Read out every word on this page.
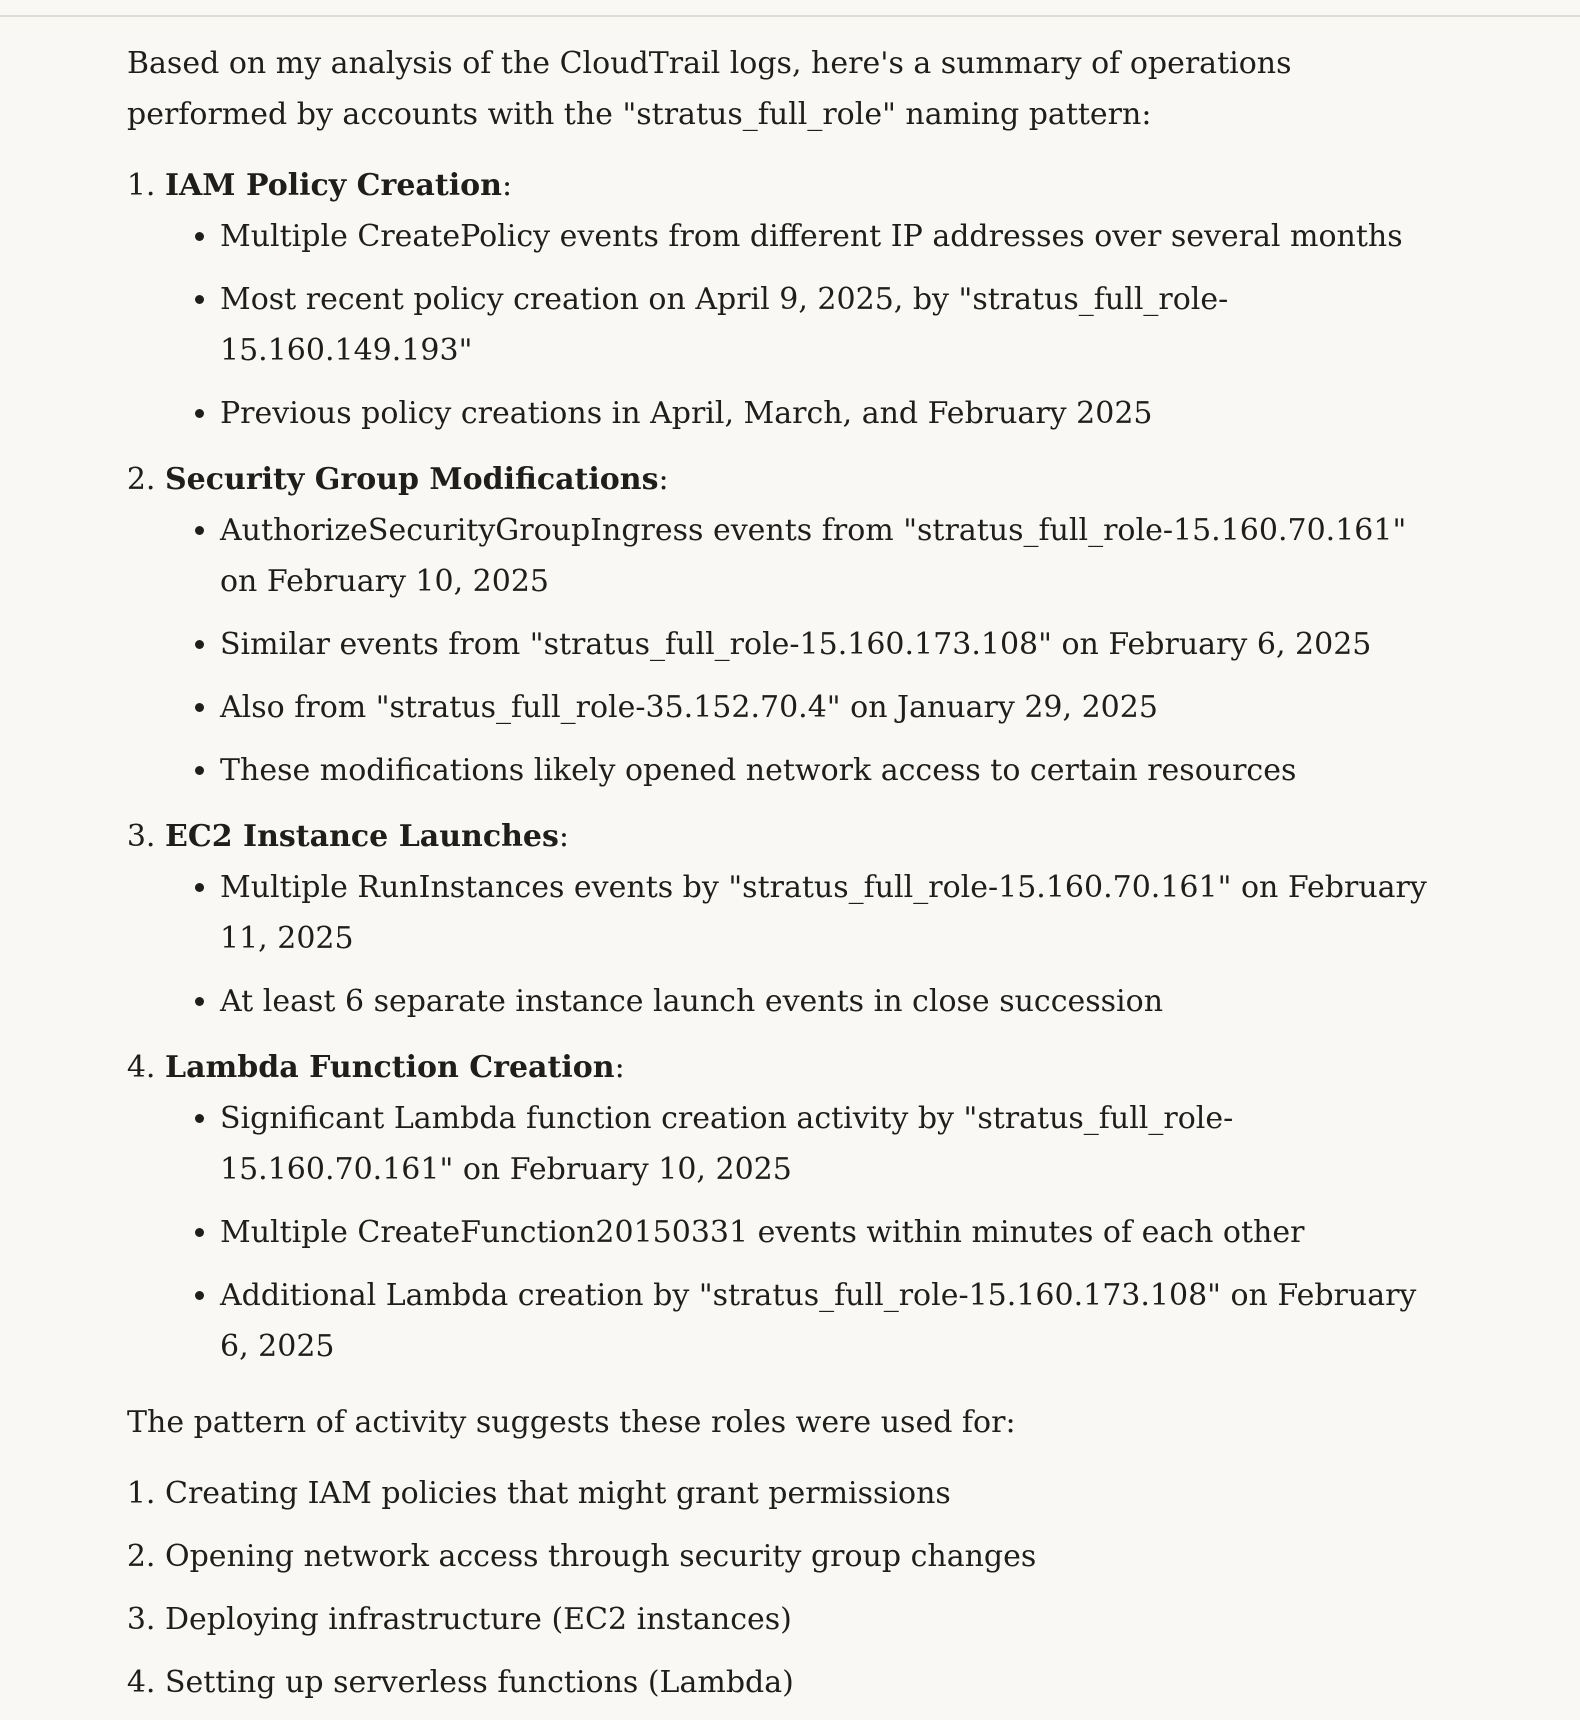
Based on my analysis of the CloudTrail logs, here's a summary of operations performed by accounts with the "stratus_full_role" naming pattern:

1. IAM Policy Creation:
• Multiple CreatePolicy events from different IP addresses over several months
• Most recent policy creation on April 9, 2025, by "stratus_full_role-15.160.149.193"
• Previous policy creations in April, March, and February 2025
2. Security Group Modifications:
• AuthorizeSecurityGroupIngress events from "stratus_full_role-15.160.70.161" on February 10, 2025
• Similar events from "stratus_full_role-15.160.173.108" on February 6, 2025
• Also from "stratus_full_role-35.152.70.4" on January 29, 2025
• These modifications likely opened network access to certain resources
3. EC2 Instance Launches:
• Multiple RunInstances events by "stratus_full_role-15.160.70.161" on February 11, 2025
• At least 6 separate instance launch events in close succession
4. Lambda Function Creation:
• Significant Lambda function creation activity by "stratus_full_role-15.160.70.161" on February 10, 2025
• Multiple CreateFunction20150331 events within minutes of each other
• Additional Lambda creation by "stratus_full_role-15.160.173.108" on February 6, 2025

The pattern of activity suggests these roles were used for:

1. Creating IAM policies that might grant permissions
2. Opening network access through security group changes
3. Deploying infrastructure (EC2 instances)
4. Setting up serverless functions (Lambda)
